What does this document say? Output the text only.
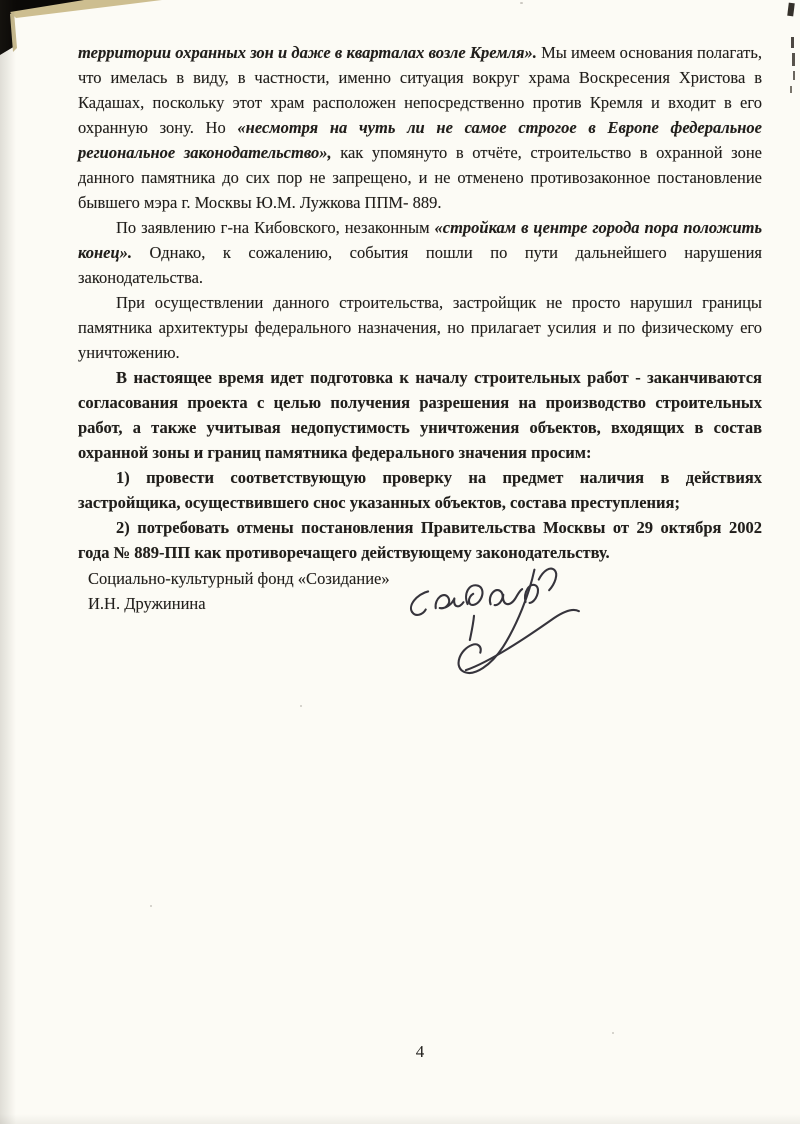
территории охранных зон и даже в кварталах возле Кремля». Мы имеем основания полагать, что имелась в виду, в частности, именно ситуация вокруг храма Воскресения Христова в Кадашах, поскольку этот храм расположен непосредственно против Кремля и входит в его охранную зону. Но «несмотря на чуть ли не самое строгое в Европе федеральное региональное законодательство», как упомянуто в отчёте, строительство в охранной зоне данного памятника до сих пор не запрещено, и не отменено противозаконное постановление бывшего мэра г. Москвы Ю.М. Лужкова ППМ- 889.

По заявлению г-на Кибовского, незаконным «стройкам в центре города пора положить конец». Однако, к сожалению, события пошли по пути дальнейшего нарушения законодательства.

При осуществлении данного строительства, застройщик не просто нарушил границы памятника архитектуры федерального назначения, но прилагает усилия и по физическому его уничтожению.

В настоящее время идет подготовка к началу строительных работ - заканчиваются согласования проекта с целью получения разрешения на производство строительных работ, а также учитывая недопустимость уничтожения объектов, входящих в состав охранной зоны и границ памятника федерального значения просим:

1) провести соответствующую проверку на предмет наличия в действиях застройщика, осуществившего снос указанных объектов, состава преступления;

2) потребовать отмены постановления Правительства Москвы от 29 октября 2002 года № 889-ПП как противоречащего действующему законодательству.

Социально-культурный фонд «Созидание»
И.Н. Дружинина
4
